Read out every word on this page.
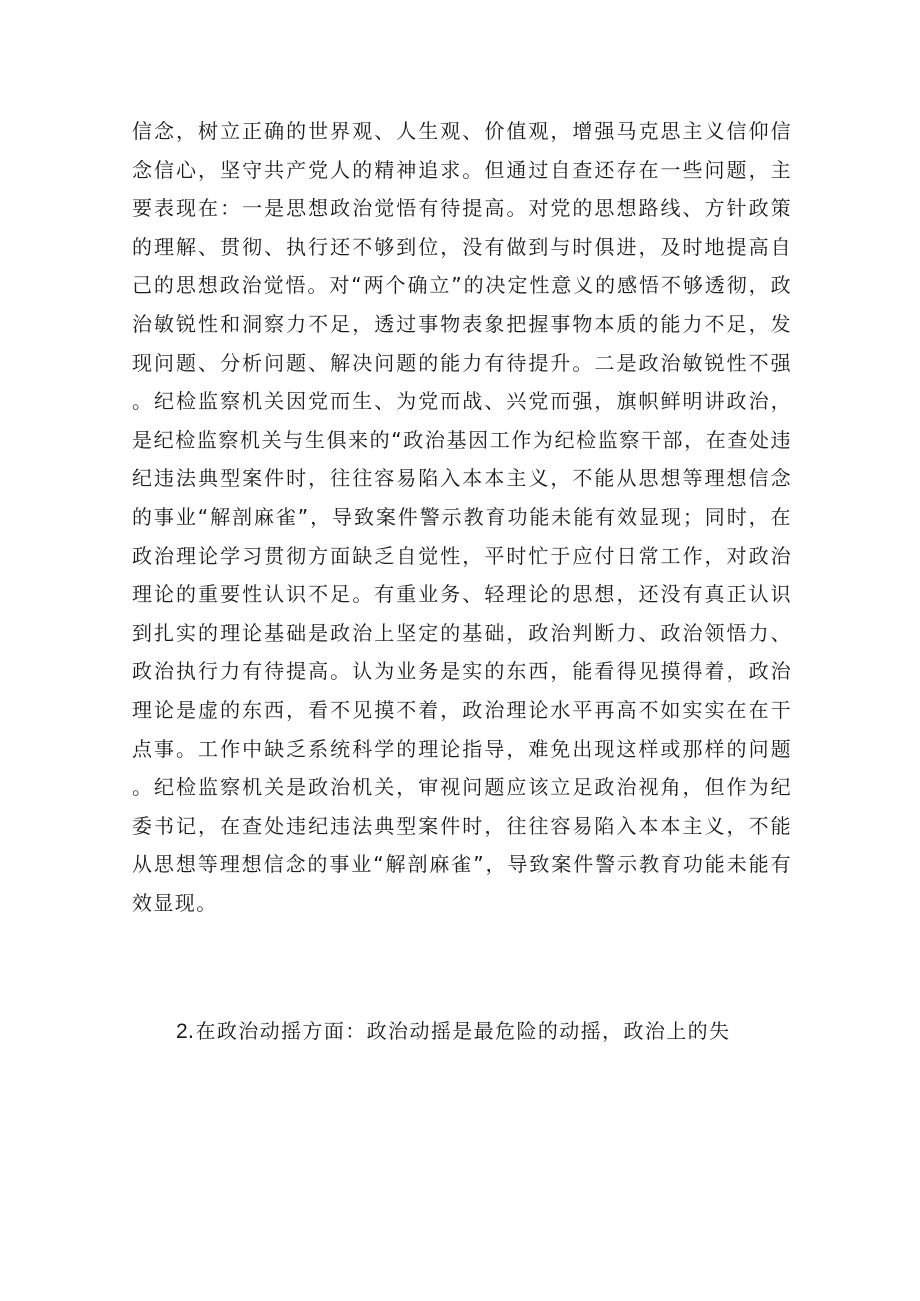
信念，树立正确的世界观、人生观、价值观，增强马克思主义信仰信念信心，坚守共产党人的精神追求。但通过自查还存在一些问题，主要表现在：一是思想政治觉悟有待提高。对党的思想路线、方针政策的理解、贯彻、执行还不够到位，没有做到与时俱进，及时地提高自己的思想政治觉悟。对“两个确立”的决定性意义的感悟不够透彻，政治敏锐性和洞察力不足，透过事物表象把握事物本质的能力不足，发现问题、分析问题、解决问题的能力有待提升。二是政治敏锐性不强。纪检监察机关因党而生、为党而战、兴党而强，旗帜鲜明讲政治，是纪检监察机关与生俱来的“政治基因工作为纪检监察干部，在查处违纪违法典型案件时，往往容易陷入本本主义，不能从思想等理想信念的事业“解剖麻雀”，导致案件警示教育功能未能有效显现；同时，在政治理论学习贯彻方面缺乏自觉性，平时忙于应付日常工作，对政治理论的重要性认识不足。有重业务、轻理论的思想，还没有真正认识到扎实的理论基础是政治上坚定的基础，政治判断力、政治领悟力、政治执行力有待提高。认为业务是实的东西，能看得见摸得着，政治理论是虚的东西，看不见摸不着，政治理论水平再高不如实实在在干点事。工作中缺乏系统科学的理论指导，难免出现这样或那样的问题。纪检监察机关是政治机关，审视问题应该立足政治视角，但作为纪委书记，在查处违纪违法典型案件时，往往容易陷入本本主义，不能从思想等理想信念的事业“解剖麻雀”，导致案件警示教育功能未能有效显现。

2.在政治动摇方面：政治动摇是最危险的动摇，政治上的失
